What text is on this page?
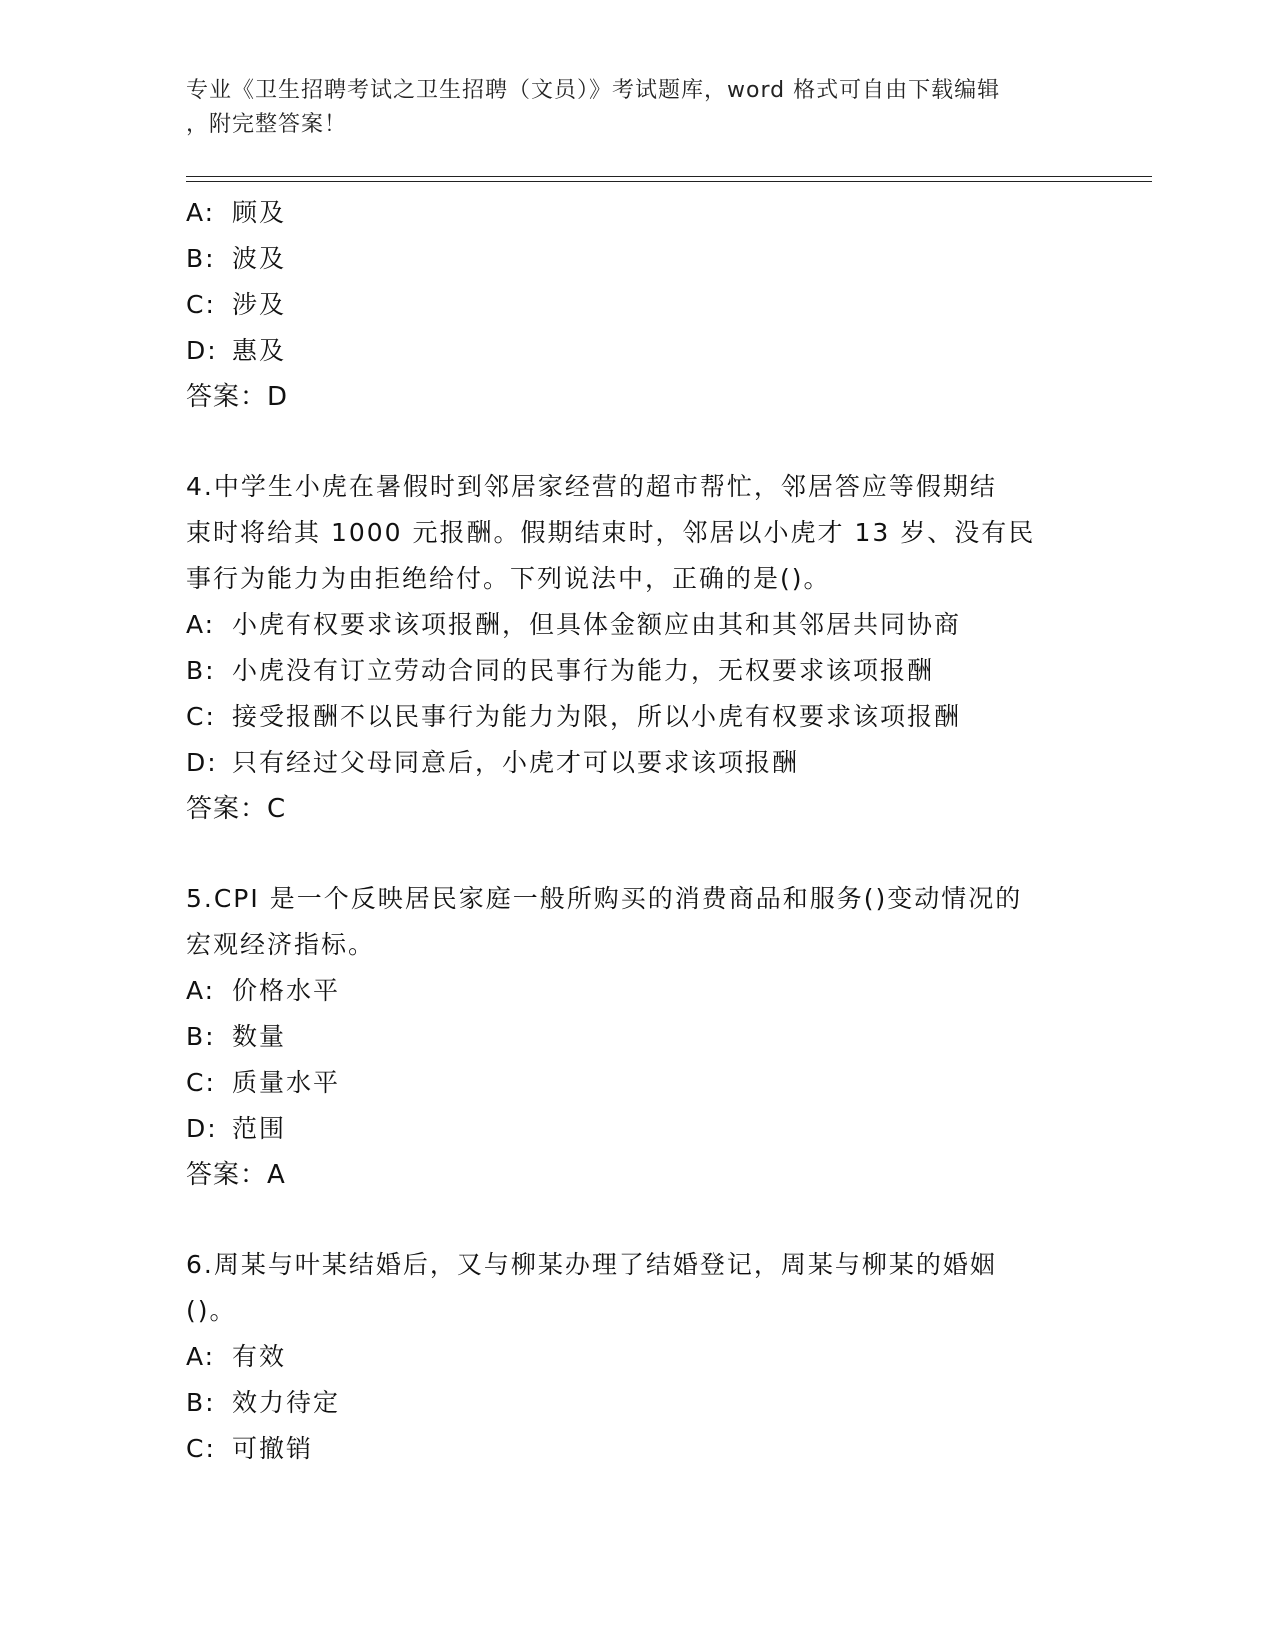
专业《卫生招聘考试之卫生招聘（文员）》考试题库，word 格式可自由下载编辑
，附完整答案！
A: 顾及
B: 波及
C: 涉及
D: 惠及
答案：D
4.中学生小虎在暑假时到邻居家经营的超市帮忙，邻居答应等假期结
束时将给其 1000 元报酬。假期结束时，邻居以小虎才 13 岁、没有民
事行为能力为由拒绝给付。下列说法中，正确的是()。
A: 小虎有权要求该项报酬，但具体金额应由其和其邻居共同协商
B: 小虎没有订立劳动合同的民事行为能力，无权要求该项报酬
C: 接受报酬不以民事行为能力为限，所以小虎有权要求该项报酬
D: 只有经过父母同意后，小虎才可以要求该项报酬
答案：C
5.CPI 是一个反映居民家庭一般所购买的消费商品和服务()变动情况的
宏观经济指标。
A: 价格水平
B: 数量
C: 质量水平
D: 范围
答案：A
6.周某与叶某结婚后，又与柳某办理了结婚登记，周某与柳某的婚姻
()。
A: 有效
B: 效力待定
C: 可撤销
